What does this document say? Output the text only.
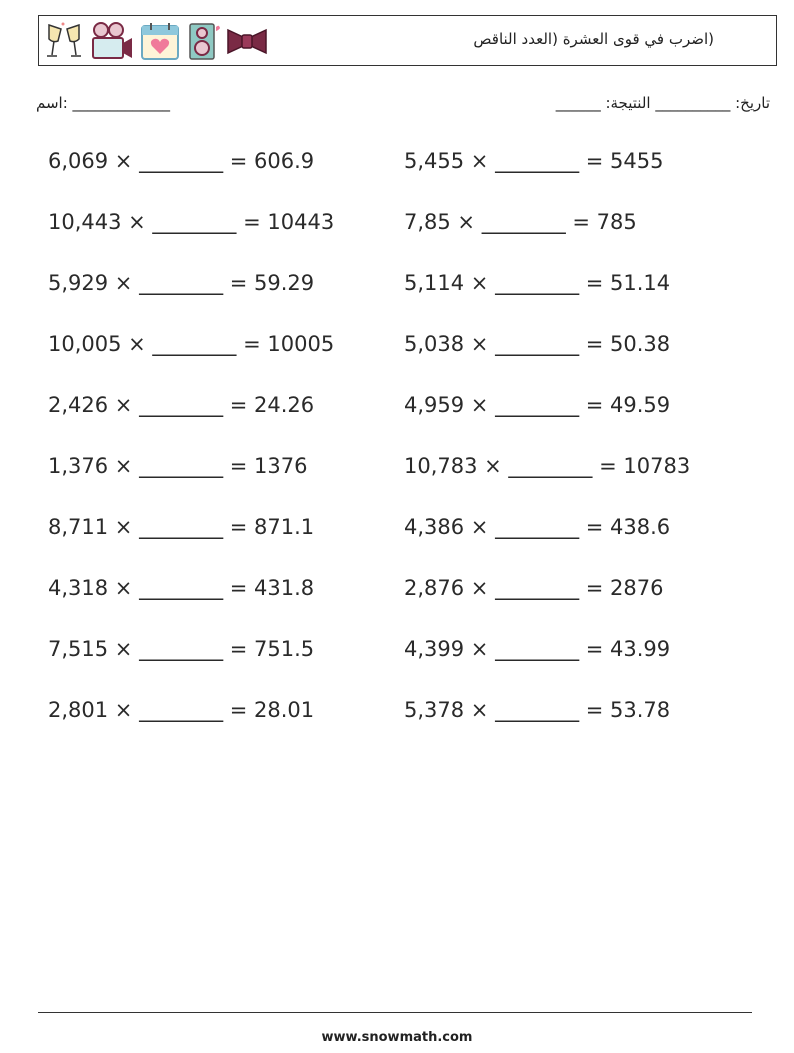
(اضرب في قوى العشرة (العدد الناقص
اسم: _____________	______ :تاريخ: __________ النتيجة
6,069 × ________ = 606.9	5,455 × ________ = 5455
10,443 × ________ = 10443	7,85 × ________ = 785
5,929 × ________ = 59.29	5,114 × ________ = 51.14
10,005 × ________ = 10005	5,038 × ________ = 50.38
2,426 × ________ = 24.26	4,959 × ________ = 49.59
1,376 × ________ = 1376	10,783 × ________ = 10783
8,711 × ________ = 871.1	4,386 × ________ = 438.6
4,318 × ________ = 431.8	2,876 × ________ = 2876
7,515 × ________ = 751.5	4,399 × ________ = 43.99
2,801 × ________ = 28.01	5,378 × ________ = 53.78
www.snowmath.com
